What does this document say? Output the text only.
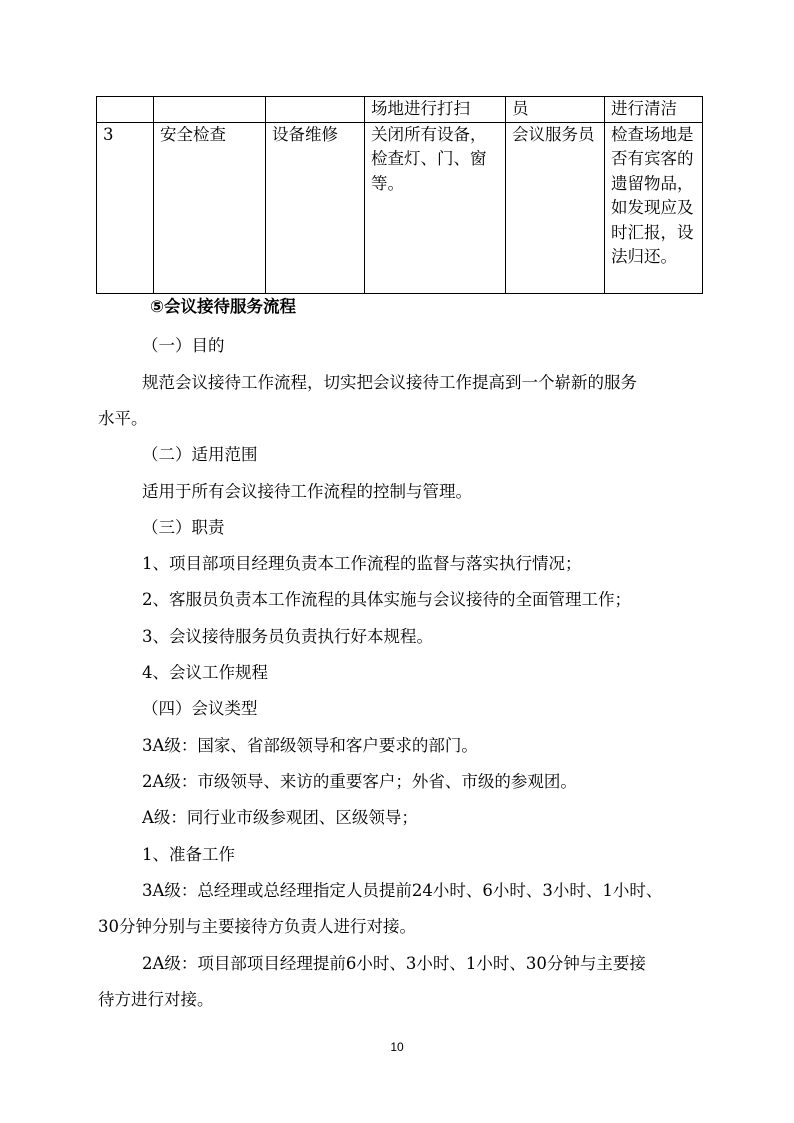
			场地进行打扫	员	进行清洁
3	安全检查	设备维修	关闭所有设备，检查灯、门、窗等。	会议服务员	检查场地是否有宾客的遗留物品，如发现应及时汇报，设法归还。
⑤会议接待服务流程
（一）目的
规范会议接待工作流程，切实把会议接待工作提高到一个崭新的服务
水平。
（二）适用范围
适用于所有会议接待工作流程的控制与管理。
（三）职责
1、项目部项目经理负责本工作流程的监督与落实执行情况；
2、客服员负责本工作流程的具体实施与会议接待的全面管理工作；
3、会议接待服务员负责执行好本规程。
4、会议工作规程
（四）会议类型
3A级：国家、省部级领导和客户要求的部门。
2A级：市级领导、来访的重要客户；外省、市级的参观团。
A级：同行业市级参观团、区级领导；
1、准备工作
3A级：总经理或总经理指定人员提前24小时、6小时、3小时、1小时、
30分钟分别与主要接待方负责人进行对接。
2A级：项目部项目经理提前6小时、3小时、1小时、30分钟与主要接
待方进行对接。
10
